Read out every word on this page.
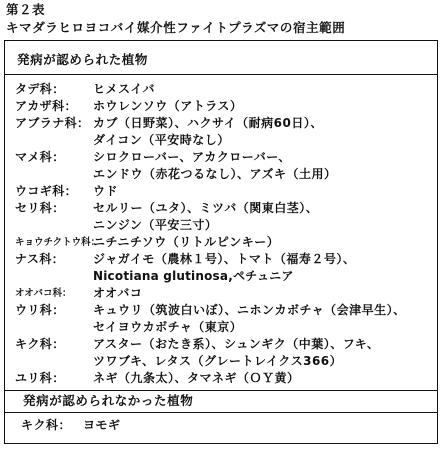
第２表
キマダラヒロヨコバイ媒介性ファイトプラズマの宿主範囲
発病が認められた植物
タデ科： ヒメスイバ
アカザ科： ホウレンソウ（アトラス）
アブラナ科： カブ（日野菜）、ハクサイ（耐病60日）、
ダイコン（平安時なし）
マメ科： シロクローバー、アカクローバー、
エンドウ（赤花つるなし）、アズキ（土用）
ウコギ科： ウド
セリ科： セルリー（ユタ）、ミツバ（関東白茎）、
ニンジン（平安三寸）
キョウチクトウ科：
ニチニチソウ（リトルピンキー）
ナス科： ジャガイモ（農林１号）、トマト（福寿２号）、
Nicotiana glutinosa,ペチュニア
オオバコ科： オオバコ
ウリ科： キュウリ（筑波白いぼ）、ニホンカボチャ（会津早生）、
セイヨウカボチャ（東京）
キク科： アスター（おたき系）、シュンギク（中葉）、フキ、
ツワブキ、レタス（グレートレイクス366）
ユリ科： ネギ（九条太）、タマネギ（ＯＹ黄）
発病が認められなかった植物
キク科： ヨモギ
